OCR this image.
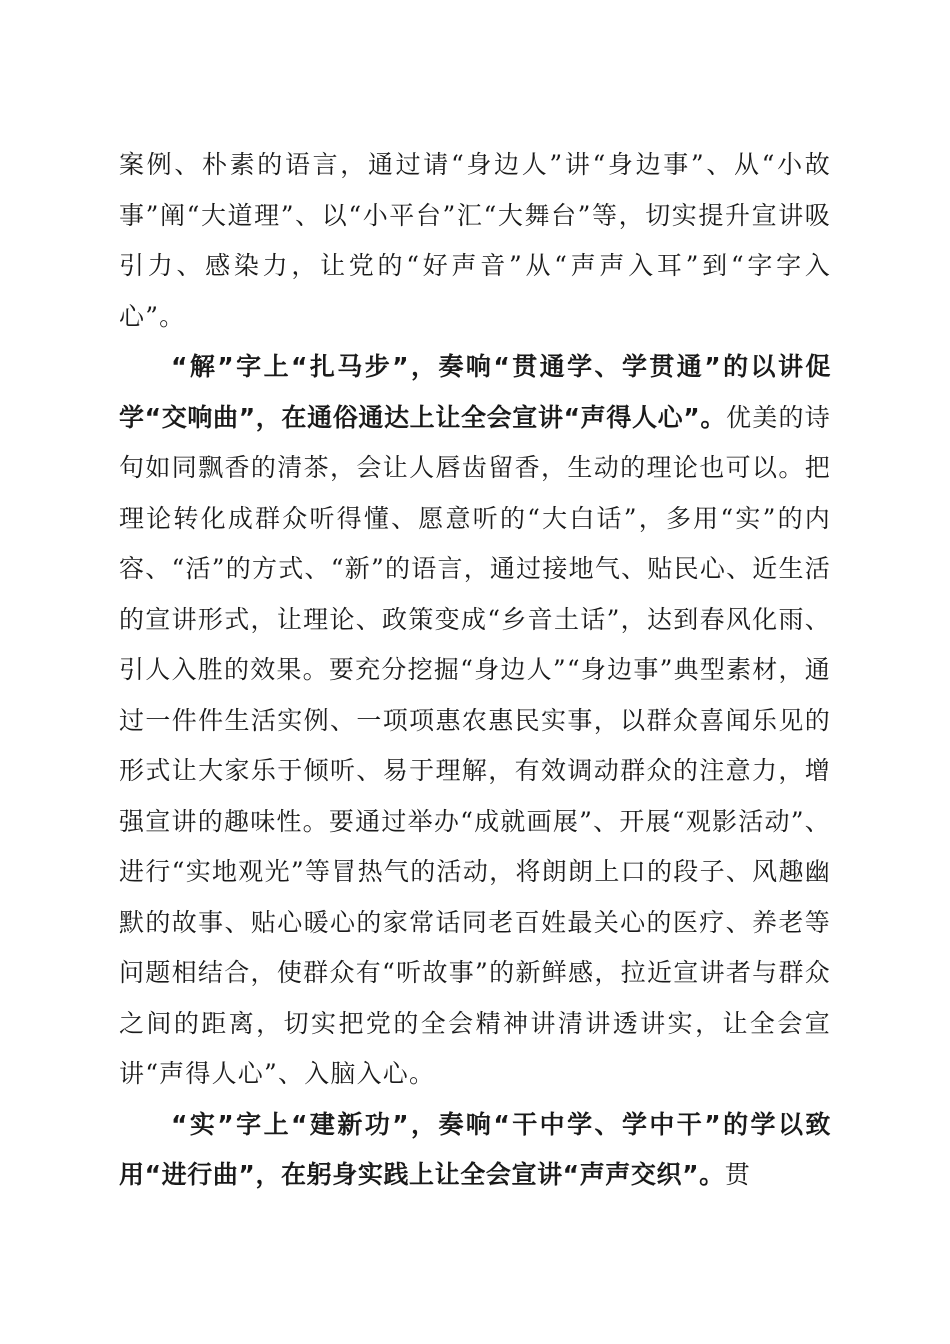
案例、朴素的语言，通过请“身边人”讲“身边事”、从“小故事”阐“大道理”、以“小平台”汇“大舞台”等，切实提升宣讲吸引力、感染力，让党的“好声音”从“声声入耳”到“字字入心”。

“解”字上“扎马步”，奏响“贯通学、学贯通”的以讲促学“交响曲”，在通俗通达上让全会宣讲“声得人心”。优美的诗句如同飘香的清茶，会让人唇齿留香，生动的理论也可以。把理论转化成群众听得懂、愿意听的“大白话”，多用“实”的内容、“活”的方式、“新”的语言，通过接地气、贴民心、近生活的宣讲形式，让理论、政策变成“乡音土话”，达到春风化雨、引人入胜的效果。要充分挖掘“身边人”“身边事”典型素材，通过一件件生活实例、一项项惠农惠民实事，以群众喜闻乐见的形式让大家乐于倾听、易于理解，有效调动群众的注意力，增强宣讲的趣味性。要通过举办“成就画展”、开展“观影活动”、进行“实地观光”等冒热气的活动，将朗朗上口的段子、风趣幽默的故事、贴心暖心的家常话同老百姓最关心的医疗、养老等问题相结合，使群众有“听故事”的新鲜感，拉近宣讲者与群众之间的距离，切实把党的全会精神讲清讲透讲实，让全会宣讲“声得人心”、入脑入心。

“实”字上“建新功”，奏响“干中学、学中干”的学以致用“进行曲”，在躬身实践上让全会宣讲“声声交织”。贯
